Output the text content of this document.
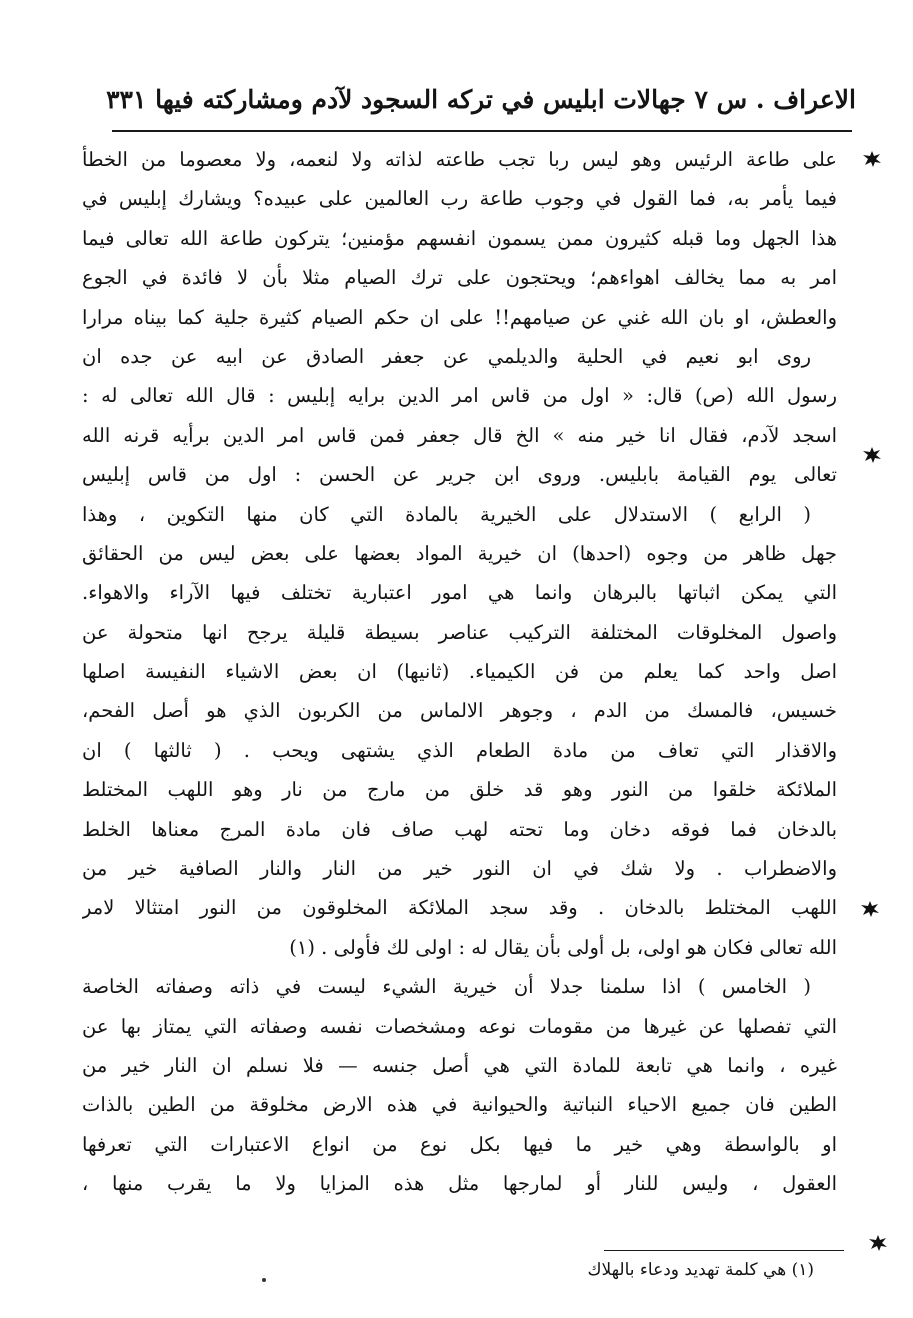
الاعراف . س ٧ جهالات ابليس في تركه السجود لآدم ومشاركته فيها ٣٣١
على طاعة الرئيس وهو ليس ربا تجب طاعته لذاته ولا لنعمه، ولا معصوما من الخطأ
فيما يأمر به، فما القول في وجوب طاعة رب العالمين على عبيده؟ ويشارك إبليس في
هذا الجهل وما قبله كثيرون ممن يسمون انفسهم مؤمنين؛ يتركون طاعة الله تعالى فيما
امر به مما يخالف اهواءهم؛ ويحتجون على ترك الصيام مثلا بأن لا فائدة في الجوع
والعطش، او بان الله غني عن صيامهم!! على ان حكم الصيام كثيرة جلية كما بيناه مرارا
روى ابو نعيم في الحلية والديلمي عن جعفر الصادق عن ابيه عن جده ان
رسول الله (ص) قال: « اول من قاس امر الدين برايه إبليس : قال الله تعالى له :
اسجد لآدم، فقال انا خير منه » الخ قال جعفر فمن قاس امر الدين برأيه قرنه الله
تعالى يوم القيامة بابليس. وروى ابن جرير عن الحسن : اول من قاس إبليس
( الرابع ) الاستدلال على الخيرية بالمادة التي كان منها التكوين ، وهذا
جهل ظاهر من وجوه (احدها) ان خيرية المواد بعضها على بعض ليس من الحقائق
التي يمكن اثباتها بالبرهان وانما هي امور اعتبارية تختلف فيها الآراء والاهواء.
واصول المخلوقات المختلفة التركيب عناصر بسيطة قليلة يرجح انها متحولة عن
اصل واحد كما يعلم من فن الكيمياء. (ثانيها) ان بعض الاشياء النفيسة اصلها
خسيس، فالمسك من الدم ، وجوهر الالماس من الكربون الذي هو أصل الفحم،
والاقذار التي تعاف من مادة الطعام الذي يشتهى ويحب . ( ثالثها ) ان
الملائكة خلقوا من النور وهو قد خلق من مارج من نار وهو اللهب المختلط
بالدخان فما فوقه دخان وما تحته لهب صاف فان مادة المرج معناها الخلط
والاضطراب . ولا شك في ان النور خير من النار والنار الصافية خير من
اللهب المختلط بالدخان . وقد سجد الملائكة المخلوقون من النور امتثالا لامر
الله تعالى فكان هو اولى، بل أولى بأن يقال له : اولى لك فأولى . (١)
( الخامس ) اذا سلمنا جدلا أن خيرية الشيء ليست في ذاته وصفاته الخاصة
التي تفصلها عن غيرها من مقومات نوعه ومشخصات نفسه وصفاته التي يمتاز بها عن
غيره ، وانما هي تابعة للمادة التي هي أصل جنسه — فلا نسلم ان النار خير من
الطين فان جميع الاحياء النباتية والحيوانية في هذه الارض مخلوقة من الطين بالذات
او بالواسطة وهي خير ما فيها بكل نوع من انواع الاعتبارات التي تعرفها
العقول ، وليس للنار أو لمارجها مثل هذه المزايا ولا ما يقرب منها ،
(١) هي كلمة تهديد ودعاء بالهلاك
